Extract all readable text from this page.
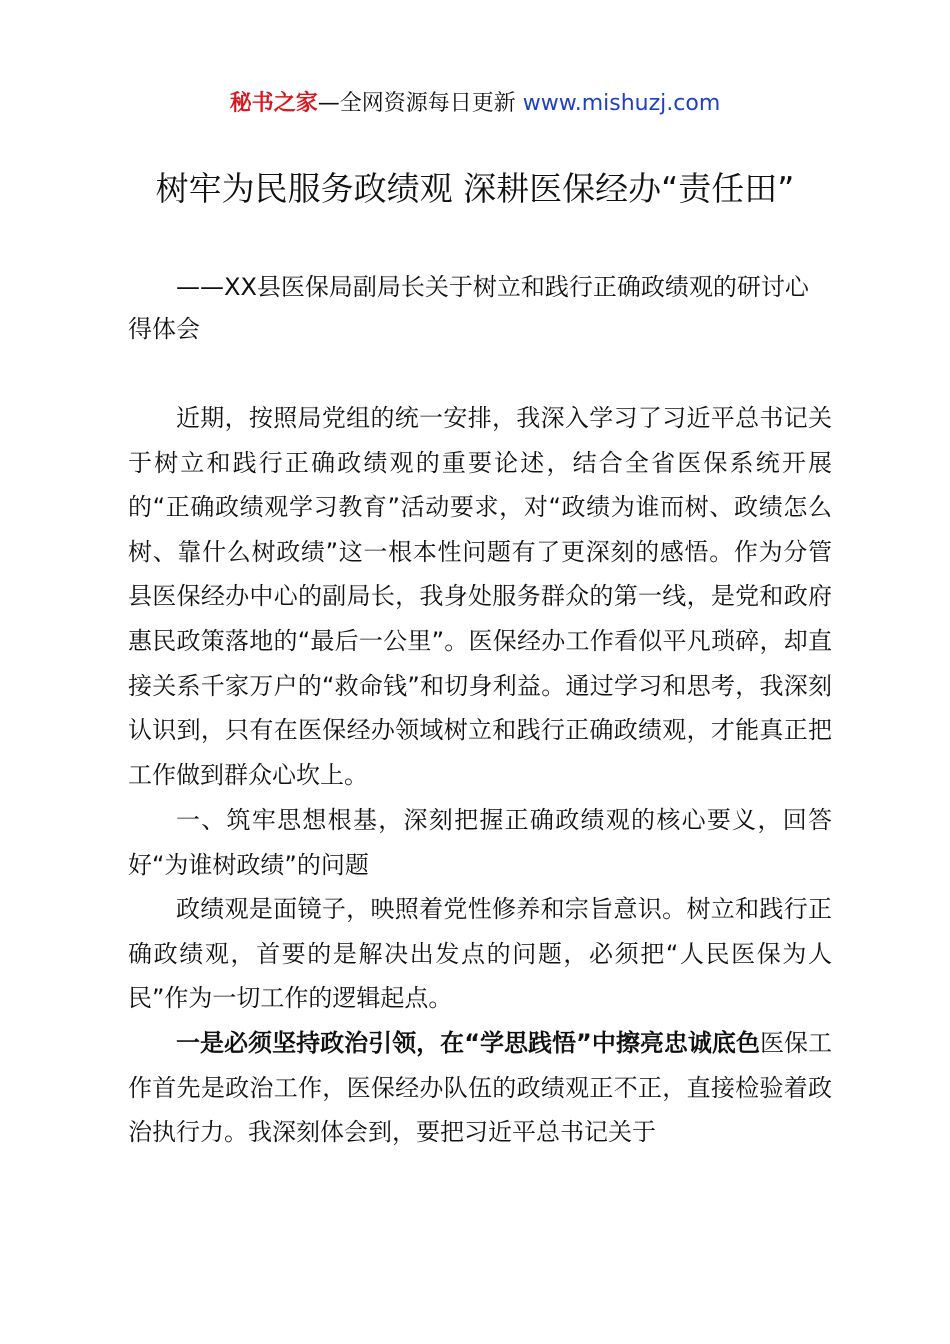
秘书之家—全网资源每日更新 www.mishuzj.com
树牢为民服务政绩观 深耕医保经办“责任田”
——XX县医保局副局长关于树立和践行正确政绩观的研讨心得体会

近期，按照局党组的统一安排，我深入学习了习近平总书记关于树立和践行正确政绩观的重要论述，结合全省医保系统开展的“正确政绩观学习教育”活动要求，对“政绩为谁而树、政绩怎么树、靠什么树政绩”这一根本性问题有了更深刻的感悟。作为分管县医保经办中心的副局长，我身处服务群众的第一线，是党和政府惠民政策落地的“最后一公里”。医保经办工作看似平凡琐碎，却直接关系千家万户的“救命钱”和切身利益。通过学习和思考，我深刻认识到，只有在医保经办领域树立和践行正确政绩观，才能真正把工作做到群众心坎上。

一、筑牢思想根基，深刻把握正确政绩观的核心要义，回答好“为谁树政绩”的问题

政绩观是面镜子，映照着党性修养和宗旨意识。树立和践行正确政绩观，首要的是解决出发点的问题，必须把“人民医保为人民”作为一切工作的逻辑起点。

一是必须坚持政治引领，在“学思践悟”中擦亮忠诚底色医保工作首先是政治工作，医保经办队伍的政绩观正不正，直接检验着政治执行力。我深刻体会到，要把习近平总书记关于
